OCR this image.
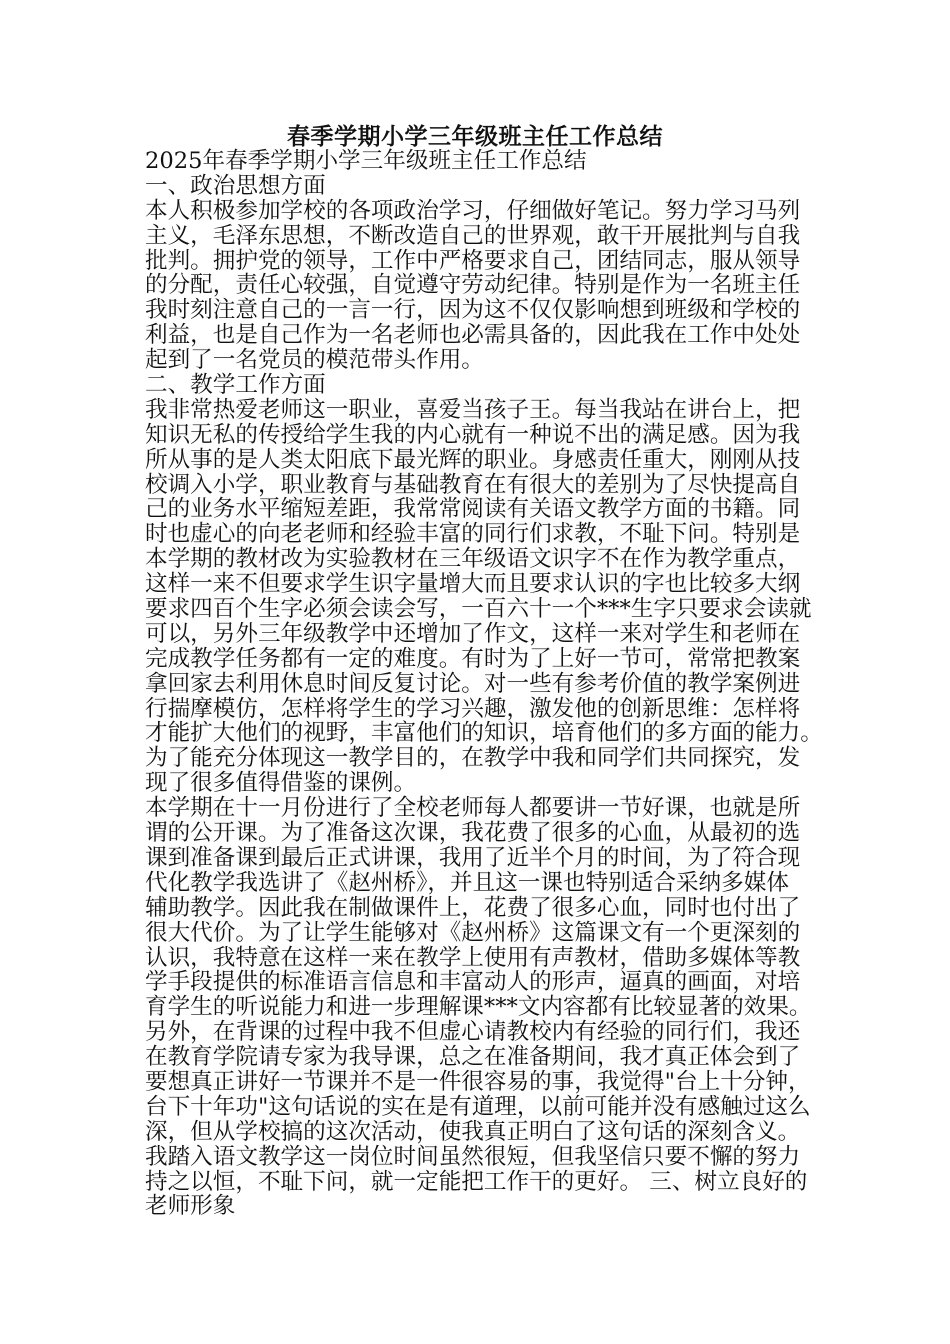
春季学期小学三年级班主任工作总结
2025年春季学期小学三年级班主任工作总结
一、政治思想方面
本人积极参加学校的各项政治学习，仔细做好笔记。努力学习马列
主义，毛泽东思想，不断改造自己的世界观，敢干开展批判与自我
批判。拥护党的领导，工作中严格要求自己，团结同志，服从领导
的分配，责任心较强，自觉遵守劳动纪律。特别是作为一名班主任
我时刻注意自己的一言一行，因为这不仅仅影响想到班级和学校的
利益，也是自己作为一名老师也必需具备的，因此我在工作中处处
起到了一名党员的模范带头作用。
二、教学工作方面
我非常热爱老师这一职业，喜爱当孩子王。每当我站在讲台上，把
知识无私的传授给学生我的内心就有一种说不出的满足感。因为我
所从事的是人类太阳底下最光辉的职业。身感责任重大，刚刚从技
校调入小学，职业教育与基础教育在有很大的差别为了尽快提高自
己的业务水平缩短差距，我常常阅读有关语文教学方面的书籍。同
时也虚心的向老老师和经验丰富的同行们求教，不耻下问。特别是
本学期的教材改为实验教材在三年级语文识字不在作为教学重点，
这样一来不但要求学生识字量增大而且要求认识的字也比较多大纲
要求四百个生字必须会读会写，一百六十一个***生字只要求会读就
可以，另外三年级教学中还增加了作文，这样一来对学生和老师在
完成教学任务都有一定的难度。有时为了上好一节可，常常把教案
拿回家去利用休息时间反复讨论。对一些有参考价值的教学案例进
行揣摩模仿，怎样将学生的学习兴趣，激发他的创新思维：怎样将
才能扩大他们的视野，丰富他们的知识，培育他们的多方面的能力。
为了能充分体现这一教学目的，在教学中我和同学们共同探究，发
现了很多值得借鉴的课例。
本学期在十一月份进行了全校老师每人都要讲一节好课，也就是所
谓的公开课。为了准备这次课，我花费了很多的心血，从最初的选
课到准备课到最后正式讲课，我用了近半个月的时间，为了符合现
代化教学我选讲了《赵州桥》，并且这一课也特别适合采纳多媒体
辅助教学。因此我在制做课件上，花费了很多心血，同时也付出了
很大代价。为了让学生能够对《赵州桥》这篇课文有一个更深刻的
认识，我特意在这样一来在教学上使用有声教材，借助多媒体等教
学手段提供的标准语言信息和丰富动人的形声，逼真的画面，对培
育学生的听说能力和进一步理解课***文内容都有比较显著的效果。
另外，在背课的过程中我不但虚心请教校内有经验的同行们，我还
在教育学院请专家为我导课，总之在准备期间，我才真正体会到了
要想真正讲好一节课并不是一件很容易的事，我觉得"台上十分钟，
台下十年功"这句话说的实在是有道理，以前可能并没有感触过这么
深，但从学校搞的这次活动，使我真正明白了这句话的深刻含义。
我踏入语文教学这一岗位时间虽然很短，但我坚信只要不懈的努力
持之以恒，不耻下问，就一定能把工作干的更好。 三、树立良好的
老师形象
